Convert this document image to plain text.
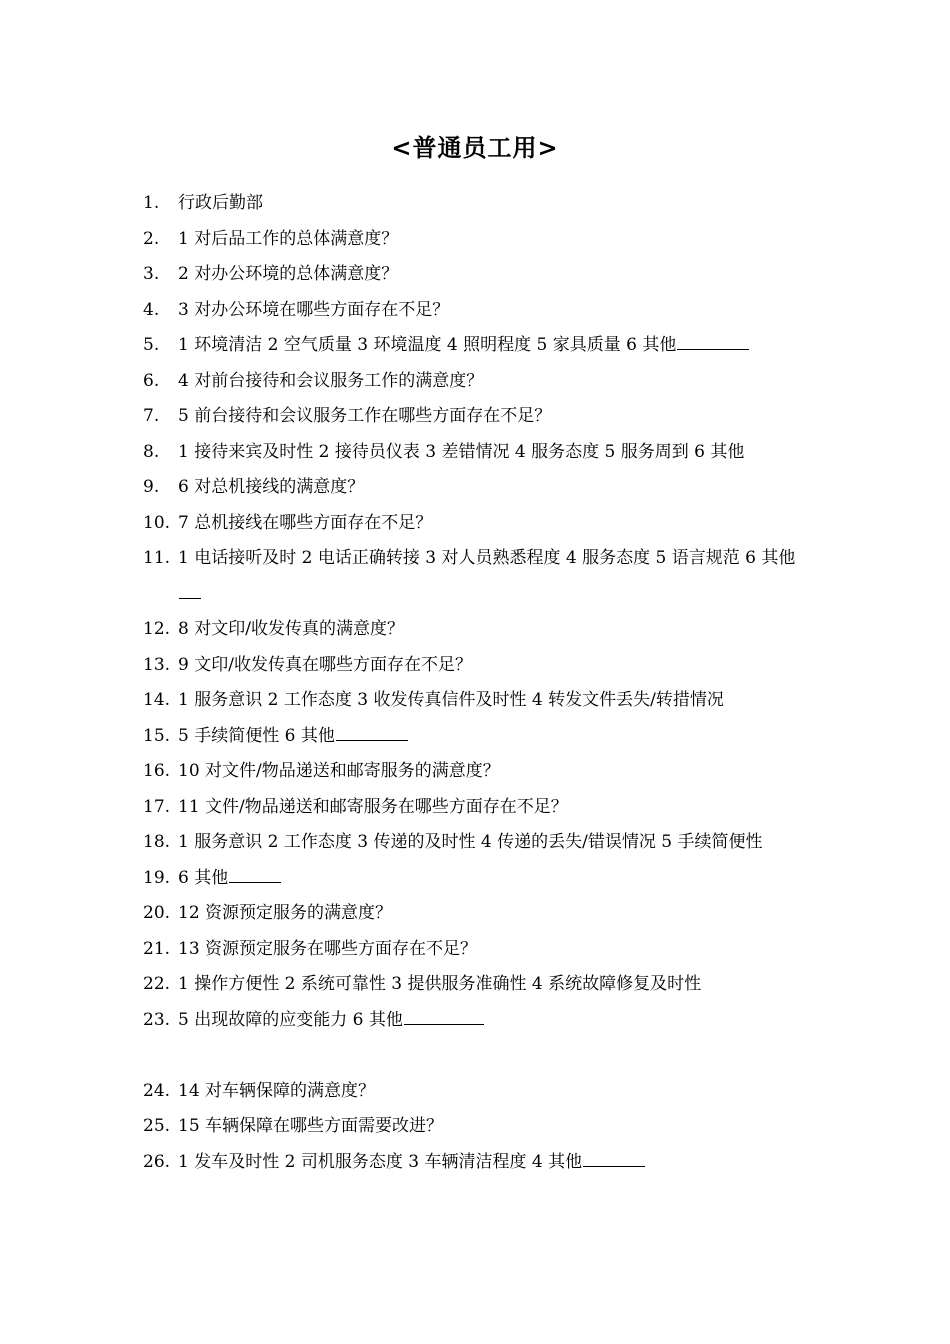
<普通员工用>
1.	行政后勤部
2.	1 对后品工作的总体满意度？
3.	2 对办公环境的总体满意度？
4.	3 对办公环境在哪些方面存在不足？
5.	1 环境清洁 2 空气质量 3 环境温度 4 照明程度 5 家具质量 6 其他
6.	4 对前台接待和会议服务工作的满意度？
7.	5 前台接待和会议服务工作在哪些方面存在不足？
8.	1 接待来宾及时性 2 接待员仪表 3 差错情况 4 服务态度 5 服务周到 6 其他
9.	6 对总机接线的满意度？
10. 7 总机接线在哪些方面存在不足？
11. 1 电话接听及时 2 电话正确转接 3 对人员熟悉程度 4 服务态度 5 语言规范 6 其他
12. 8 对文印/收发传真的满意度？
13. 9 文印/收发传真在哪些方面存在不足？
14. 1 服务意识 2 工作态度 3 收发传真信件及时性 4 转发文件丢失/转措情况
15. 5 手续简便性 6 其他
16. 10 对文件/物品递送和邮寄服务的满意度？
17. 11 文件/物品递送和邮寄服务在哪些方面存在不足？
18. 1 服务意识 2 工作态度 3 传递的及时性 4 传递的丢失/错误情况 5 手续简便性
19. 6 其他
20. 12 资源预定服务的满意度？
21. 13 资源预定服务在哪些方面存在不足？
22. 1 操作方便性 2 系统可靠性 3 提供服务准确性 4 系统故障修复及时性
23. 5 出现故障的应变能力 6 其他
24. 14 对车辆保障的满意度？
25. 15 车辆保障在哪些方面需要改进？
26. 1 发车及时性 2 司机服务态度 3 车辆清洁程度 4 其他
